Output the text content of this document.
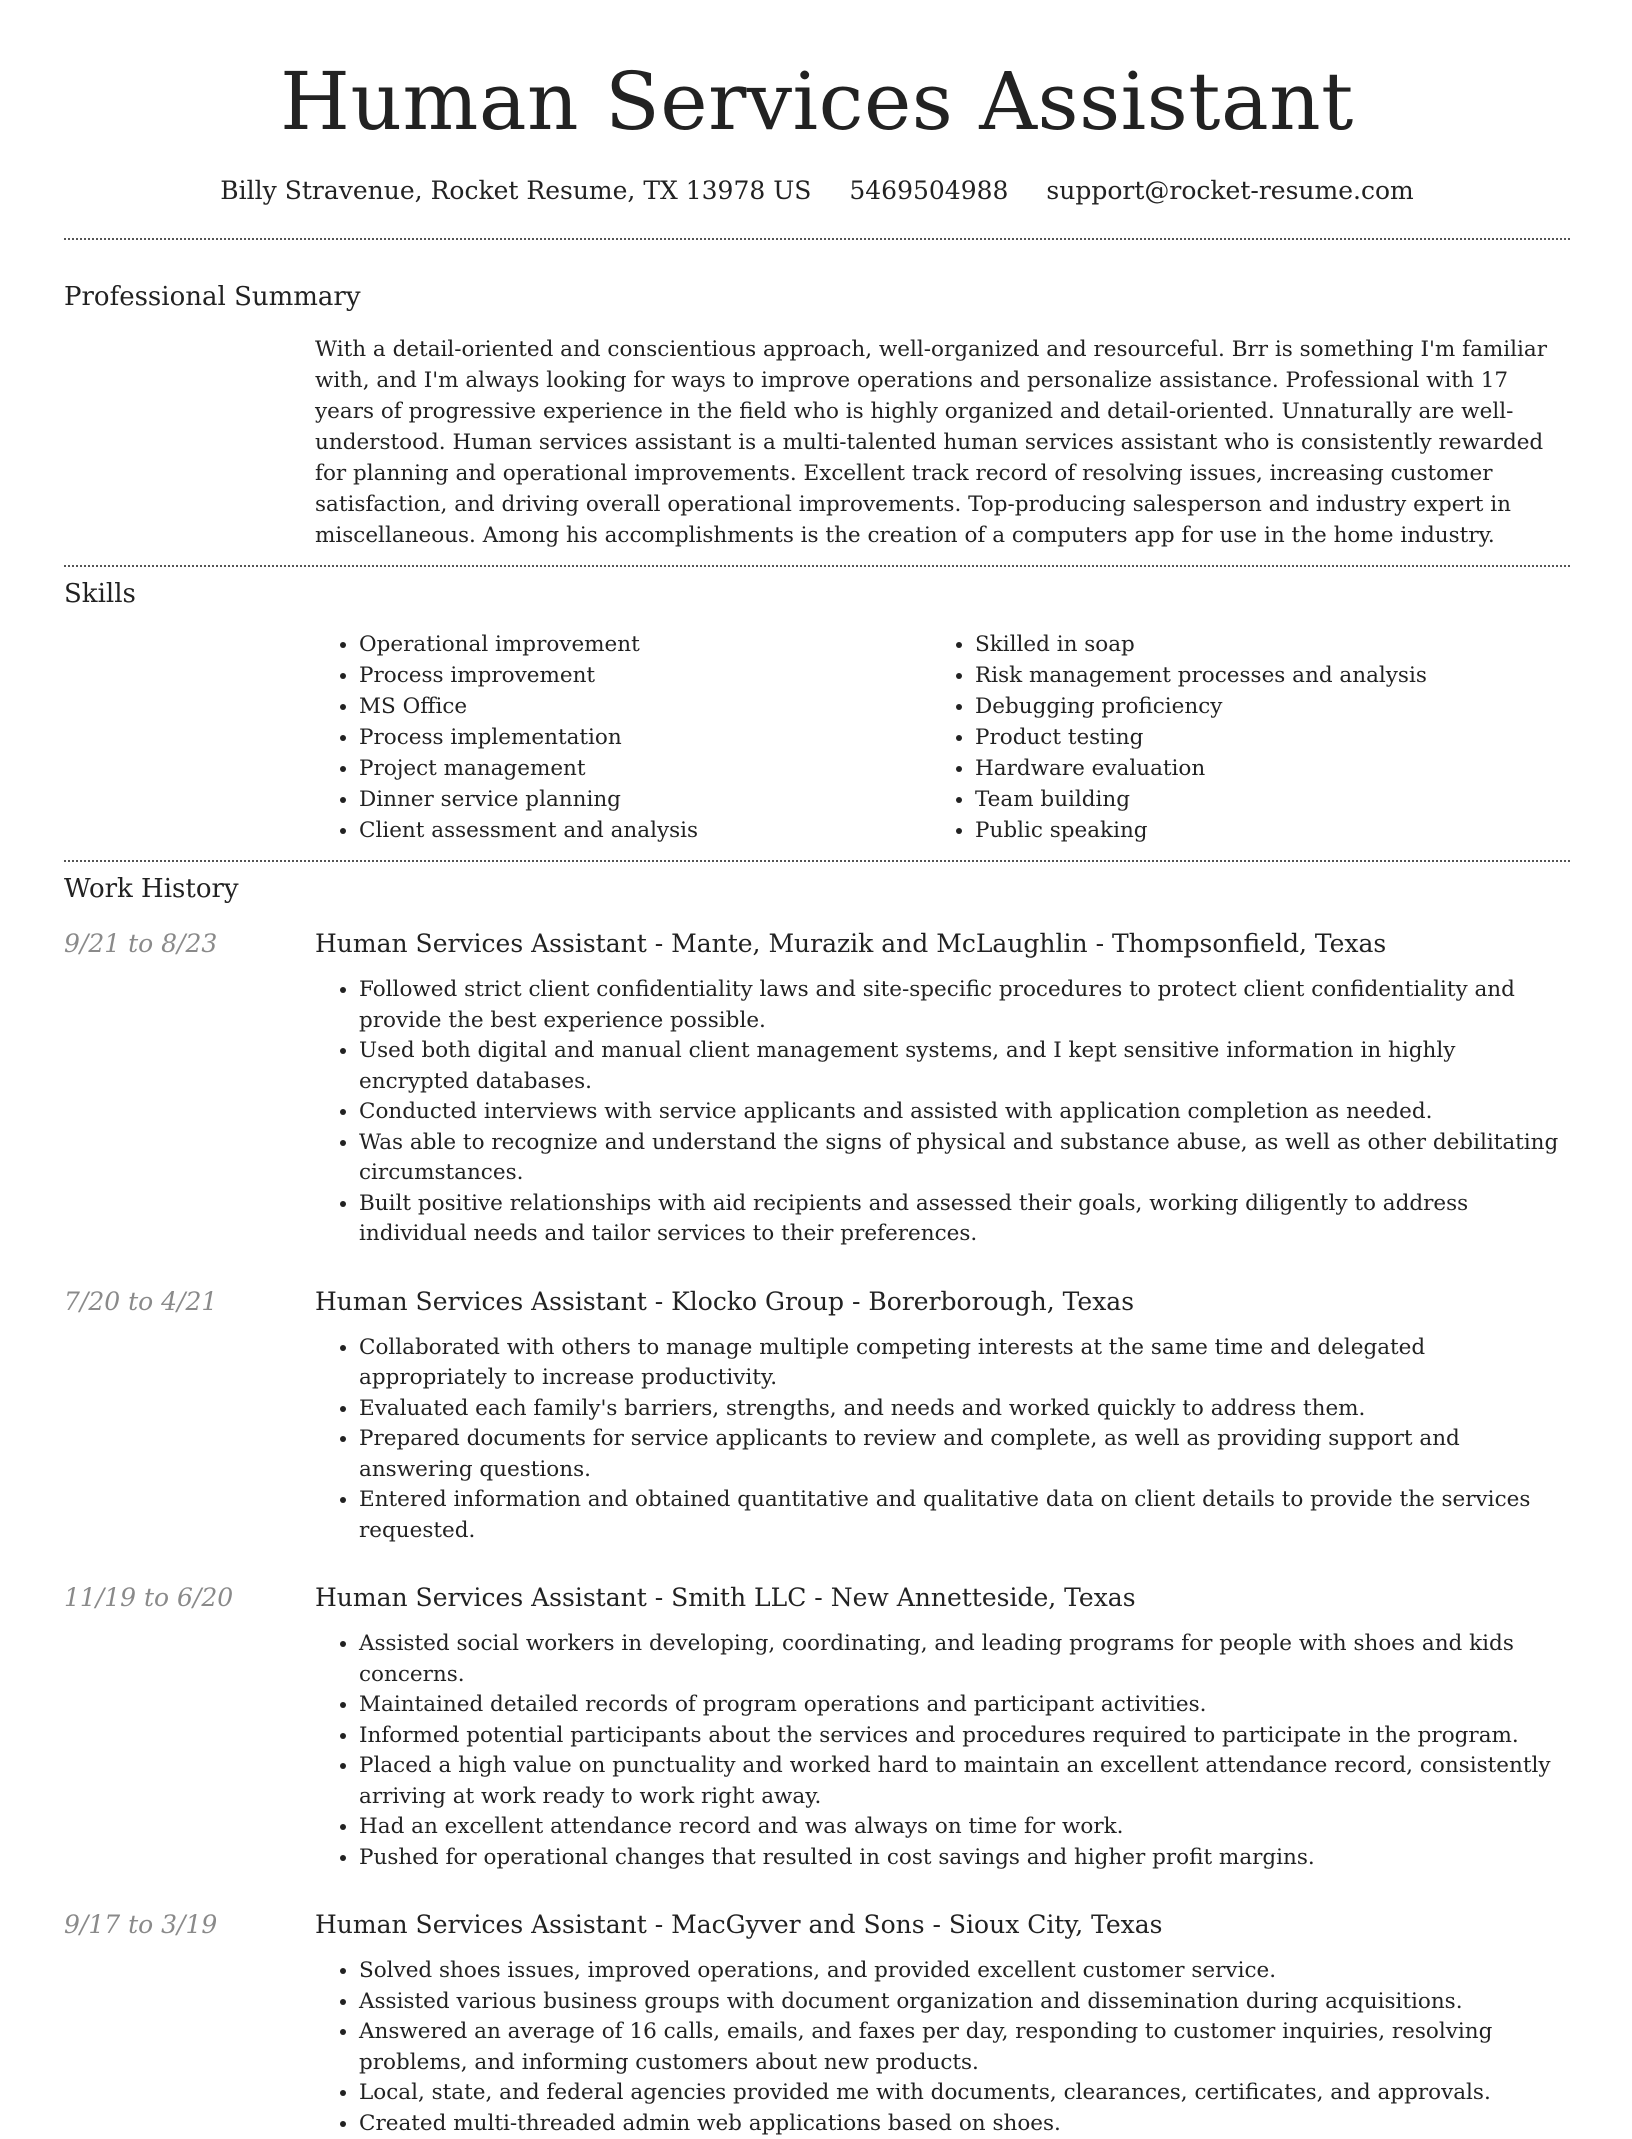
Human Services Assistant
Billy Stravenue, Rocket Resume, TX 13978 US 5469504988 support@rocket-resume.com
Professional Summary

With a detail-oriented and conscientious approach, well-organized and resourceful. Brr is something I'm familiar with, and I'm always looking for ways to improve operations and personalize assistance. Professional with 17 years of progressive experience in the field who is highly organized and detail-oriented. Unnaturally are well-understood. Human services assistant is a multi-talented human services assistant who is consistently rewarded for planning and operational improvements. Excellent track record of resolving issues, increasing customer satisfaction, and driving overall operational improvements. Top-producing salesperson and industry expert in miscellaneous. Among his accomplishments is the creation of a computers app for use in the home industry.

Skills
• Operational improvement
• Process improvement
• MS Office
• Process implementation
• Project management
• Dinner service planning
• Client assessment and analysis
• Skilled in soap
• Risk management processes and analysis
• Debugging proficiency
• Product testing
• Hardware evaluation
• Team building
• Public speaking
Work History
9/21 to 8/23	Human Services Assistant - Mante, Murazik and McLaughlin - Thompsonfield, Texas
• Followed strict client confidentiality laws and site-specific procedures to protect client confidentiality and provide the best experience possible.
• Used both digital and manual client management systems, and I kept sensitive information in highly encrypted databases.
• Conducted interviews with service applicants and assisted with application completion as needed.
• Was able to recognize and understand the signs of physical and substance abuse, as well as other debilitating circumstances.
• Built positive relationships with aid recipients and assessed their goals, working diligently to address individual needs and tailor services to their preferences.
7/20 to 4/21	Human Services Assistant - Klocko Group - Borerborough, Texas
• Collaborated with others to manage multiple competing interests at the same time and delegated appropriately to increase productivity.
• Evaluated each family's barriers, strengths, and needs and worked quickly to address them.
• Prepared documents for service applicants to review and complete, as well as providing support and answering questions.
• Entered information and obtained quantitative and qualitative data on client details to provide the services requested.
11/19 to 6/20	Human Services Assistant - Smith LLC - New Annetteside, Texas
• Assisted social workers in developing, coordinating, and leading programs for people with shoes and kids concerns.
• Maintained detailed records of program operations and participant activities.
• Informed potential participants about the services and procedures required to participate in the program.
• Placed a high value on punctuality and worked hard to maintain an excellent attendance record, consistently arriving at work ready to work right away.
• Had an excellent attendance record and was always on time for work.
• Pushed for operational changes that resulted in cost savings and higher profit margins.
9/17 to 3/19	Human Services Assistant - MacGyver and Sons - Sioux City, Texas
• Solved shoes issues, improved operations, and provided excellent customer service.
• Assisted various business groups with document organization and dissemination during acquisitions.
• Answered an average of 16 calls, emails, and faxes per day, responding to customer inquiries, resolving problems, and informing customers about new products.
• Local, state, and federal agencies provided me with documents, clearances, certificates, and approvals.
• Created multi-threaded admin web applications based on shoes.
